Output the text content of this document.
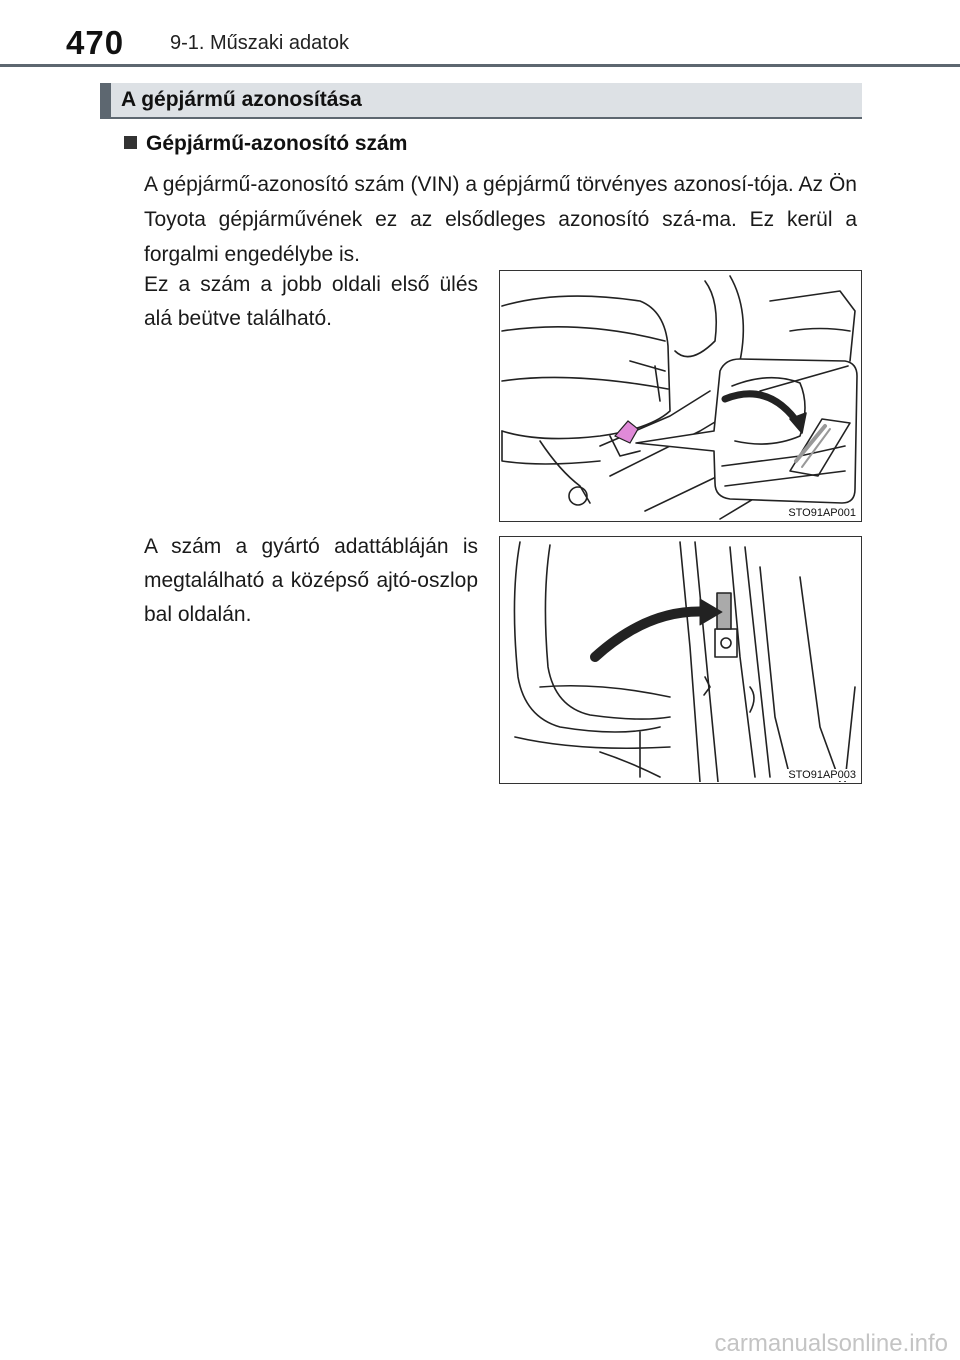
470 9-1. Műszaki adatok
A gépjármű azonosítása
Gépjármű-azonosító szám
A gépjármű-azonosító szám (VIN) a gépjármű törvényes azonosí-tója. Az Ön Toyota gépjárművének ez az elsődleges azonosító szá-ma. Ez kerül a forgalmi engedélybe is.
Ez a szám a jobb oldali első ülés alá beütve található.
STO91AP001
A szám a gyártó adattábláján is megtalálható a középső ajtó-oszlop bal oldalán.
STO91AP003
carmanualsonline.info
